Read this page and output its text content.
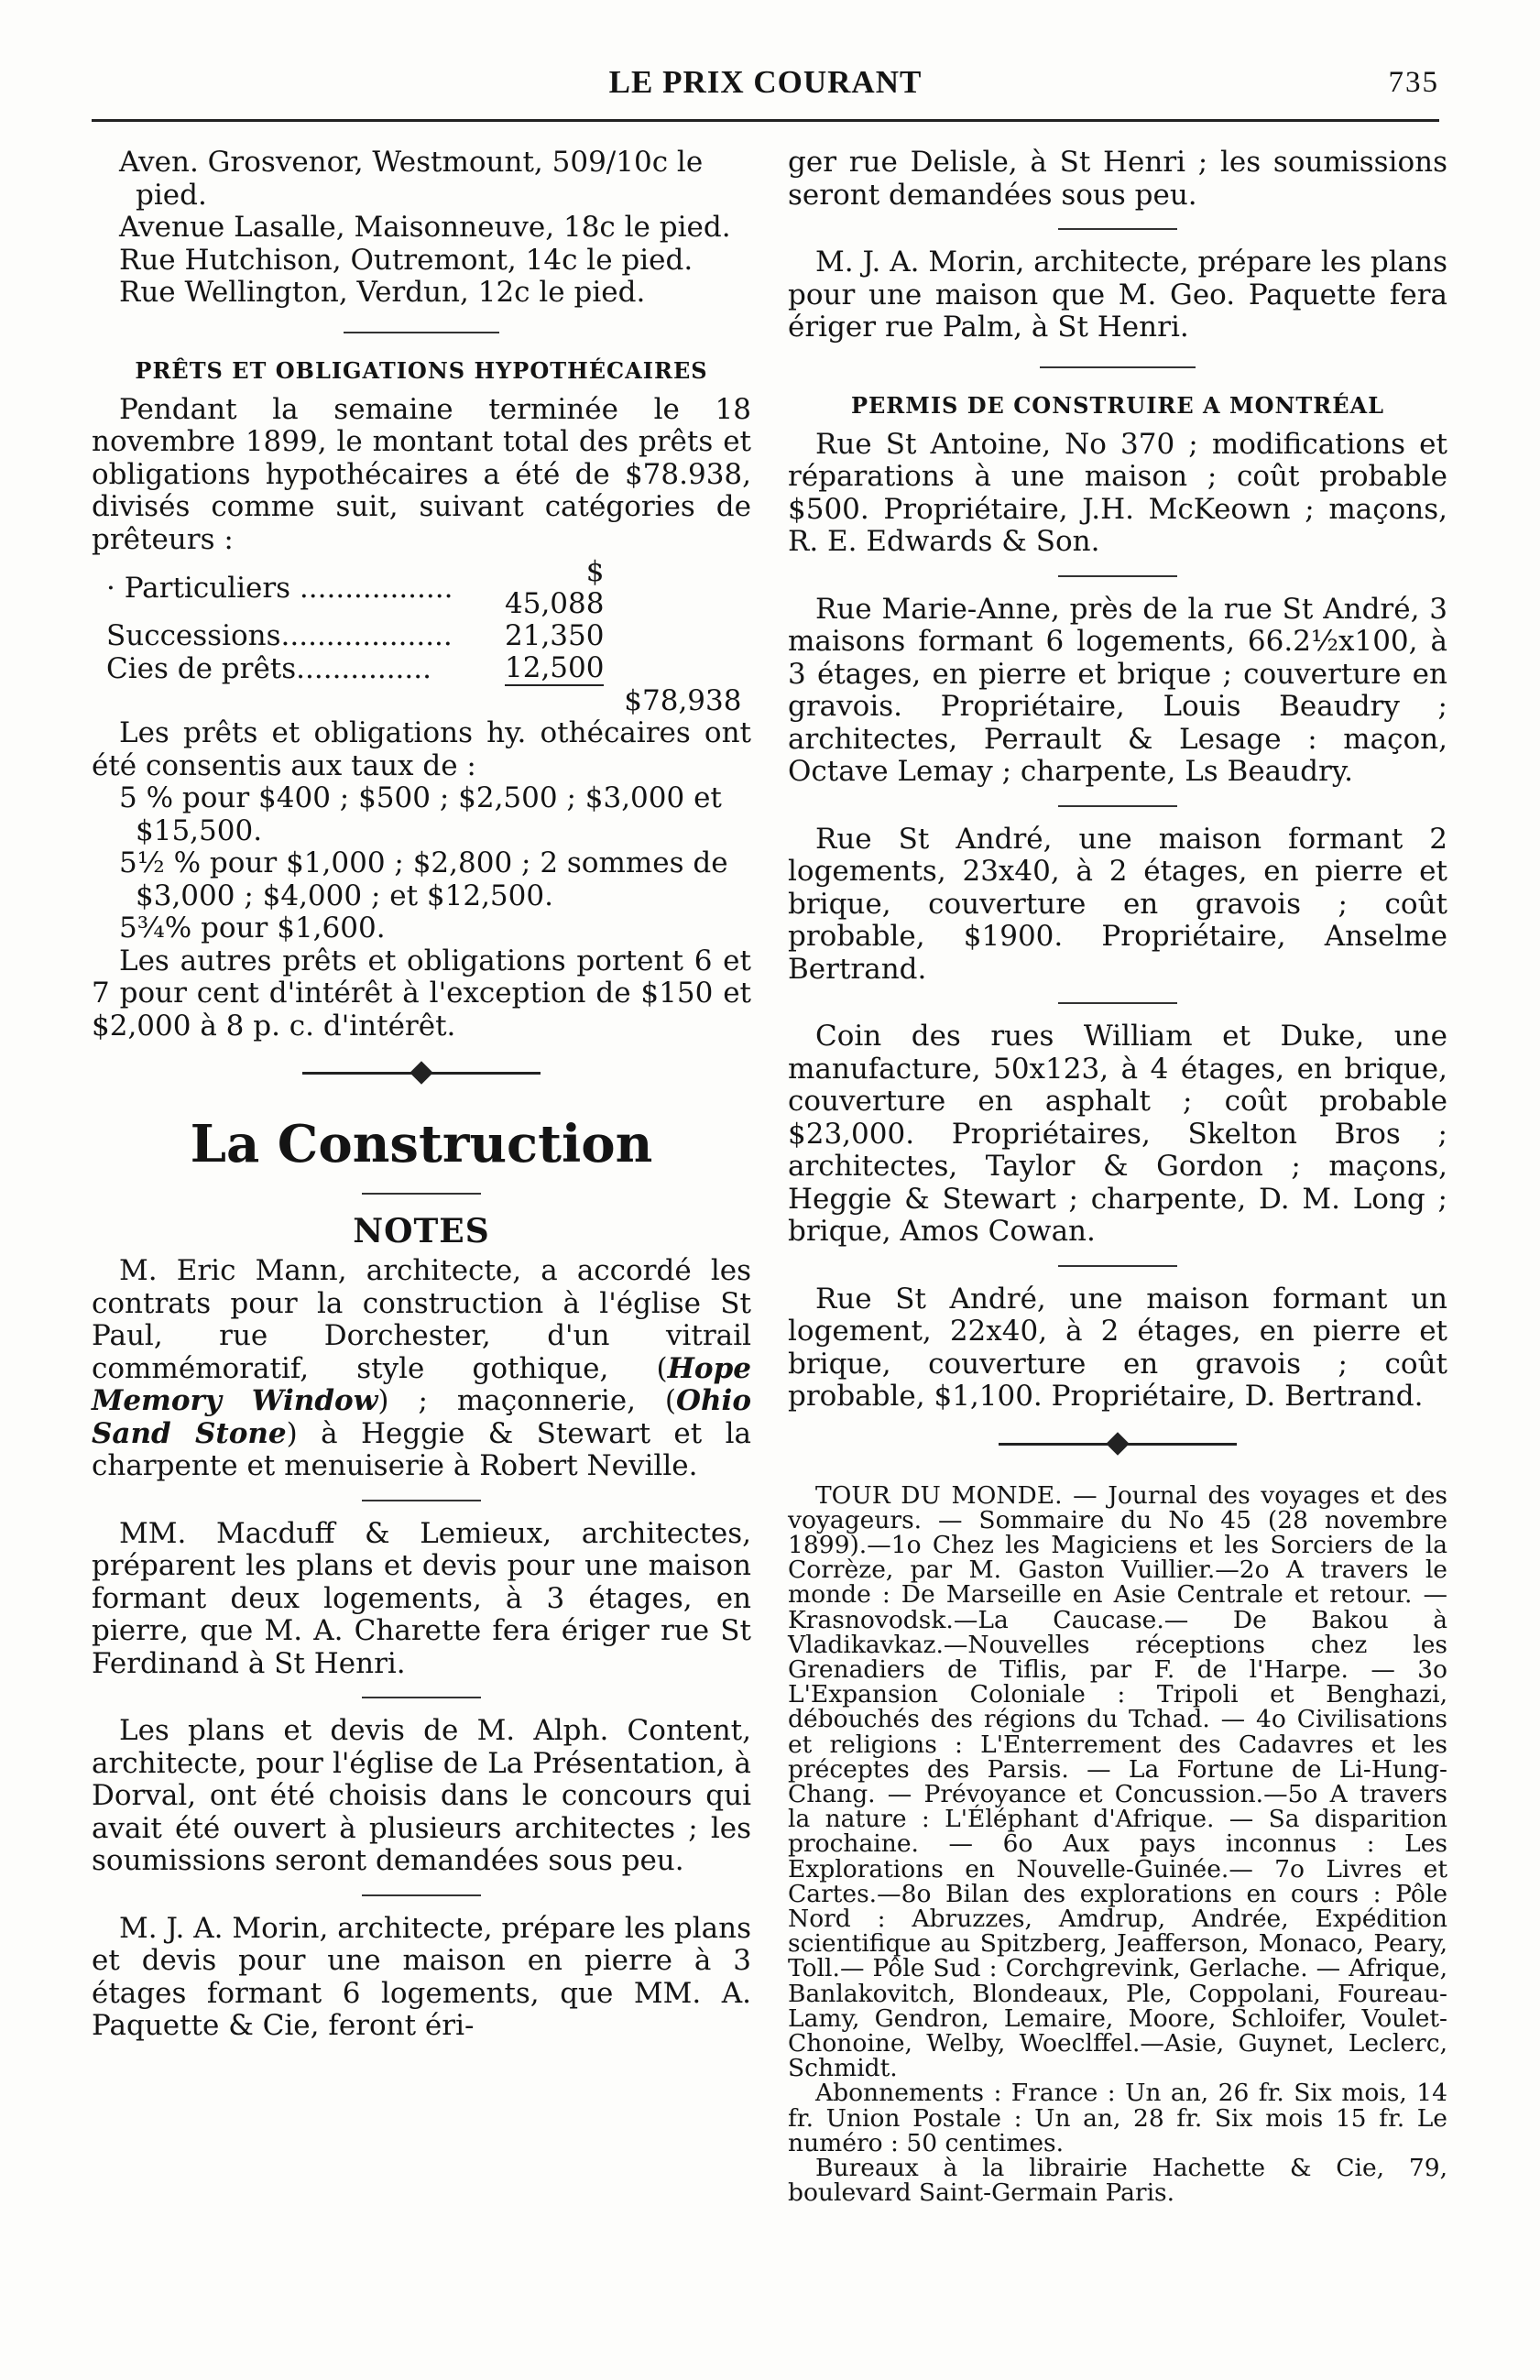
LE PRIX COURANT	735

Aven. Grosvenor, Westmount, 509/10c le pied.

Avenue Lasalle, Maisonneuve, 18c le pied.

Rue Hutchison, Outremont, 14c le pied.

Rue Wellington, Verdun, 12c le pied.

PRÊTS ET OBLIGATIONS HYPOTHÉCAIRES

Pendant la semaine terminée le 18 novembre 1899, le montant total des prêts et obligations hypothécaires a été de $78.938, divisés comme suit, suivant catégories de prêteurs :

· Particuliers .................	$ 45,088	
Successions...................	21,350	
Cies de prêts...............	12,500	
		$78,938

Les prêts et obligations hy. othécaires ont été consentis aux taux de :

5 % pour $400 ; $500 ; $2,500 ; $3,000 et $15,500.

5½ % pour $1,000 ; $2,800 ; 2 sommes de $3,000 ; $4,000 ; et $12,500.

5¾% pour $1,600.

Les autres prêts et obligations portent 6 et 7 pour cent d'intérêt à l'exception de $150 et $2,000 à 8 p. c. d'intérêt.

La Construction
NOTES

M. Eric Mann, architecte, a accordé les contrats pour la construction à l'église St Paul, rue Dorchester, d'un vitrail commémoratif, style gothique, (Hope Memory Window) ; maçonnerie, (Ohio Sand Stone) à Heggie & Stewart et la charpente et menuiserie à Robert Neville.

MM. Macduff & Lemieux, architectes, préparent les plans et devis pour une maison formant deux logements, à 3 étages, en pierre, que M. A. Charette fera ériger rue St Ferdinand à St Henri.

Les plans et devis de M. Alph. Content, architecte, pour l'église de La Présentation, à Dorval, ont été choisis dans le concours qui avait été ouvert à plusieurs architectes ; les soumissions seront demandées sous peu.

M. J. A. Morin, architecte, prépare les plans et devis pour une maison en pierre à 3 étages formant 6 logements, que MM. A. Paquette & Cie, feront éri-

ger rue Delisle, à St Henri ; les soumissions seront demandées sous peu.

M. J. A. Morin, architecte, prépare les plans pour une maison que M. Geo. Paquette fera ériger rue Palm, à St Henri.

PERMIS DE CONSTRUIRE A MONTRÉAL

Rue St Antoine, No 370 ; modifications et réparations à une maison ; coût probable $500. Propriétaire, J.H. McKeown ; maçons, R. E. Edwards & Son.

Rue Marie-Anne, près de la rue St André, 3 maisons formant 6 logements, 66.2½x100, à 3 étages, en pierre et brique ; couverture en gravois. Propriétaire, Louis Beaudry ; architectes, Perrault & Lesage : maçon, Octave Lemay ; charpente, Ls Beaudry.

Rue St André, une maison formant 2 logements, 23x40, à 2 étages, en pierre et brique, couverture en gravois ; coût probable, $1900. Propriétaire, Anselme Bertrand.

Coin des rues William et Duke, une manufacture, 50x123, à 4 étages, en brique, couverture en asphalt ; coût probable $23,000. Propriétaires, Skelton Bros ; architectes, Taylor & Gordon ; maçons, Heggie & Stewart ; charpente, D. M. Long ; brique, Amos Cowan.

Rue St André, une maison formant un logement, 22x40, à 2 étages, en pierre et brique, couverture en gravois ; coût probable, $1,100. Propriétaire, D. Bertrand.

TOUR DU MONDE. — Journal des voyages et des voyageurs. — Sommaire du No 45 (28 novembre 1899).—1o Chez les Magiciens et les Sorciers de la Corrèze, par M. Gaston Vuillier.—2o A travers le monde : De Marseille en Asie Centrale et retour. —Krasnovodsk.—La Caucase.— De Bakou à Vladikavkaz.—Nouvelles réceptions chez les Grenadiers de Tiflis, par F. de l'Harpe. — 3o L'Expansion Coloniale : Tripoli et Benghazi, débouchés des régions du Tchad. — 4o Civilisations et religions : L'Enterrement des Cadavres et les préceptes des Parsis. — La Fortune de Li-Hung-Chang. — Prévoyance et Concussion.—5o A travers la nature : L'Éléphant d'Afrique. — Sa disparition prochaine. — 6o Aux pays inconnus : Les Explorations en Nouvelle-Guinée.— 7o Livres et Cartes.—8o Bilan des explorations en cours : Pôle Nord : Abruzzes, Amdrup, Andrée, Expédition scientifique au Spitzberg, Jeafferson, Monaco, Peary, Toll.— Pôle Sud : Corchgrevink, Gerlache. — Afrique, Banlakovitch, Blondeaux, Ple, Coppolani, Foureau-Lamy, Gendron, Lemaire, Moore, Schloifer, Voulet-Chonoine, Welby, Woeclffel.—Asie, Guynet, Leclerc, Schmidt.

Abonnements : France : Un an, 26 fr. Six mois, 14 fr. Union Postale : Un an, 28 fr. Six mois 15 fr. Le numéro : 50 centimes.

Bureaux à la librairie Hachette & Cie, 79, boulevard Saint-Germain Paris.
